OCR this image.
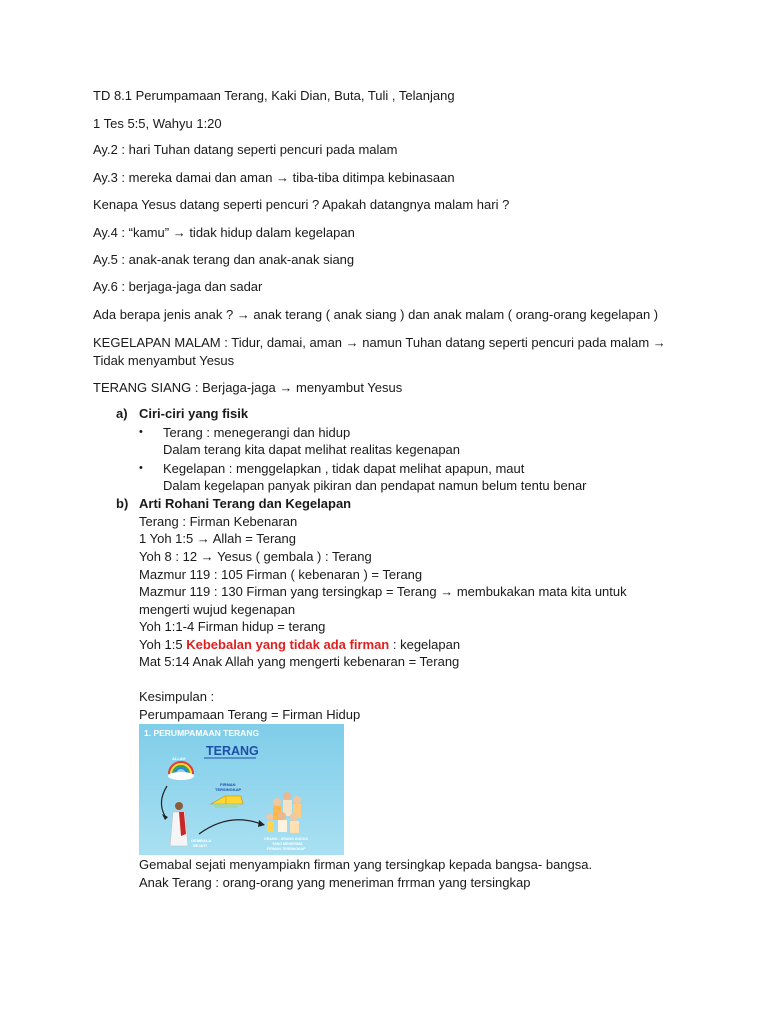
TD 8.1 Perumpamaan Terang, Kaki Dian, Buta, Tuli , Telanjang

1 Tes 5:5, Wahyu 1:20

Ay.2 : hari Tuhan datang seperti pencuri pada malam

Ay.3 : mereka damai dan aman → tiba-tiba ditimpa kebinasaan

Kenapa Yesus datang seperti pencuri ? Apakah datangnya malam hari ?

Ay.4 : “kamu” → tidak hidup dalam kegelapan

Ay.5 : anak-anak terang dan anak-anak siang

Ay.6 : berjaga-jaga dan sadar

Ada berapa jenis anak ? → anak terang ( anak siang ) dan anak malam ( orang-orang kegelapan )

KEGELAPAN MALAM : Tidur, damai, aman → namun Tuhan datang seperti pencuri pada malam → Tidak menyambut Yesus

TERANG SIANG : Berjaga-jaga → menyambut Yesus

a) Ciri-ciri yang fisik
• Terang : menegerangi dan hidup
Dalam terang kita dapat melihat realitas kegenapan
• Kegelapan : menggelapkan , tidak dapat melihat apapun, maut
Dalam kegelapan panyak pikiran dan pendapat namun belum tentu benar
b) Arti Rohani Terang dan Kegelapan
Terang : Firman Kebenaran
1 Yoh 1:5 → Allah = Terang
Yoh 8 : 12 → Yesus ( gembala ) : Terang
Mazmur 119 : 105 Firman ( kebenaran ) = Terang
Mazmur 119 : 130 Firman yang tersingkap = Terang → membukakan mata kita untuk
mengerti wujud kegenapan
Yoh 1:1-4 Firman hidup = terang
Yoh 1:5 Kebebalan yang tidak ada firman : kegelapan
Mat 5:14 Anak Allah yang mengerti kebenaran = Terang
Kesimpulan :
Perumpamaan Terang = Firman Hidup
1. PERUMPAMAAN TERANG
TERANG
ALLAH
GEMBALA
SEJATI
FIRMAN
TERSINGKAP
ORANG - ORANG KUDUS
YANG MENERIMA
FIRMAN TERSINGKAP
Gemabal sejati menyampiakn firman yang tersingkap kepada bangsa- bangsa.
Anak Terang : orang-orang yang meneriman frrman yang tersingkap
